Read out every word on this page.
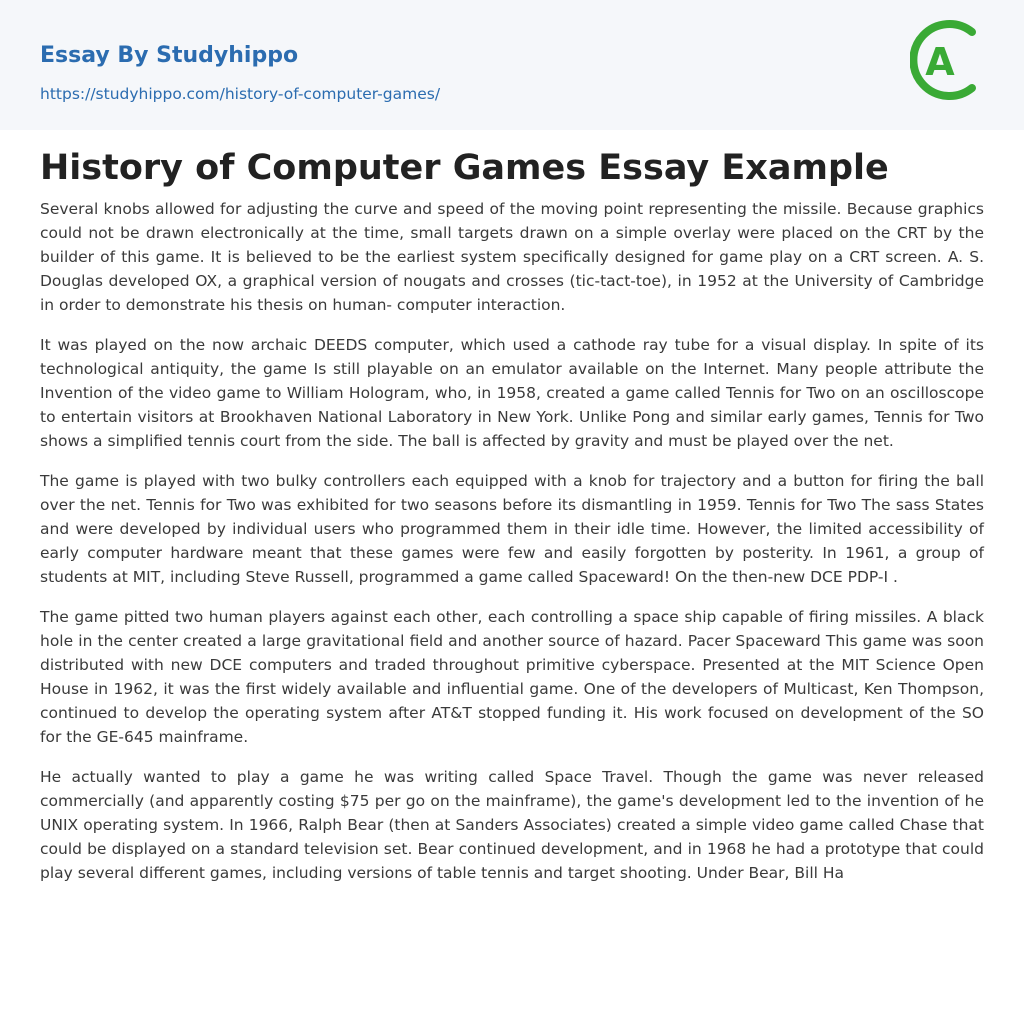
Essay By Studyhippo
https://studyhippo.com/history-of-computer-games/
A
History of Computer Games Essay Example

Several knobs allowed for adjusting the curve and speed of the moving point representing the missile. Because graphics could not be drawn electronically at the time, small targets drawn on a simple overlay were placed on the CRT by the builder of this game. It is believed to be the earliest system specifically designed for game play on a CRT screen. A. S. Douglas developed OX, a graphical version of nougats and crosses (tic-tact-toe), in 1952 at the University of Cambridge in order to demonstrate his thesis on human- computer interaction.

It was played on the now archaic DEEDS computer, which used a cathode ray tube for a visual display. In spite of its technological antiquity, the game Is still playable on an emulator available on the Internet. Many people attribute the Invention of the video game to William Hologram, who, in 1958, created a game called Tennis for Two on an oscilloscope to entertain visitors at Brookhaven National Laboratory in New York. Unlike Pong and similar early games, Tennis for Two shows a simplified tennis court from the side. The ball is affected by gravity and must be played over the net.

The game is played with two bulky controllers each equipped with a knob for trajectory and a button for firing the ball over the net. Tennis for Two was exhibited for two seasons before its dismantling in 1959. Tennis for Two The sass States and were developed by individual users who programmed them in their idle time. However, the limited accessibility of early computer hardware meant that these games were few and easily forgotten by posterity. In 1961, a group of students at MIT, including Steve Russell, programmed a game called Spaceward! On the then-new DCE PDP-I .

The game pitted two human players against each other, each controlling a space ship capable of firing missiles. A black hole in the center created a large gravitational field and another source of hazard. Pacer Spaceward This game was soon distributed with new DCE computers and traded throughout primitive cyberspace. Presented at the MIT Science Open House in 1962, it was the first widely available and influential game. One of the developers of Multicast, Ken Thompson, continued to develop the operating system after AT&T stopped funding it. His work focused on development of the SO for the GE-645 mainframe.

He actually wanted to play a game he was writing called Space Travel. Though the game was never released commercially (and apparently costing $75 per go on the mainframe), the game's development led to the invention of he UNIX operating system. In 1966, Ralph Bear (then at Sanders Associates) created a simple video game called Chase that could be displayed on a standard television set. Bear continued development, and in 1968 he had a prototype that could play several different games, including versions of table tennis and target shooting. Under Bear, Bill Ha
